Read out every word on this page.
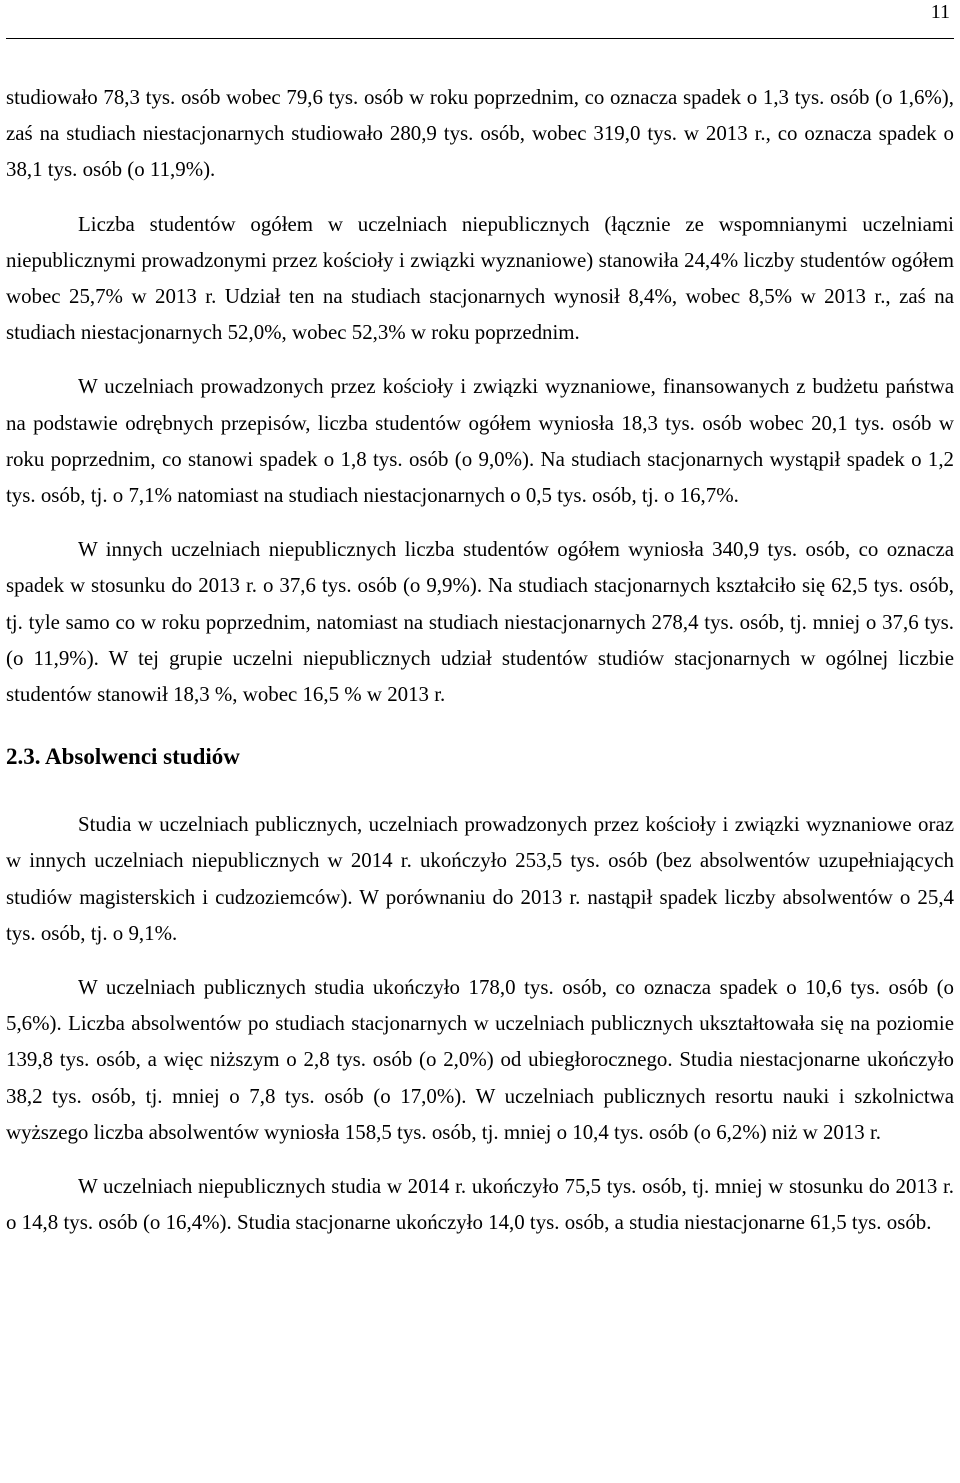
11

studiowało 78,3 tys. osób wobec 79,6 tys. osób w roku poprzednim, co oznacza spadek o 1,3 tys. osób (o 1,6%), zaś na studiach niestacjonarnych studiowało 280,9 tys. osób, wobec 319,0 tys. w 2013 r., co oznacza spadek o 38,1 tys. osób (o 11,9%).

Liczba studentów ogółem w uczelniach niepublicznych (łącznie ze wspomnianymi uczelniami niepublicznymi prowadzonymi przez kościoły i związki wyznaniowe) stanowiła 24,4% liczby studentów ogółem wobec 25,7% w 2013 r. Udział ten na studiach stacjonarnych wynosił 8,4%, wobec 8,5% w 2013 r., zaś na studiach niestacjonarnych 52,0%, wobec 52,3% w roku poprzednim.

W uczelniach prowadzonych przez kościoły i związki wyznaniowe, finansowanych z budżetu państwa na podstawie odrębnych przepisów, liczba studentów ogółem wyniosła 18,3 tys. osób wobec 20,1 tys. osób w roku poprzednim, co stanowi spadek o 1,8 tys. osób (o 9,0%). Na studiach stacjonarnych wystąpił spadek o 1,2 tys. osób, tj. o 7,1% natomiast na studiach niestacjonarnych o 0,5 tys. osób, tj. o 16,7%.

W innych uczelniach niepublicznych liczba studentów ogółem wyniosła 340,9 tys. osób, co oznacza spadek w stosunku do 2013 r. o 37,6 tys. osób (o 9,9%). Na studiach stacjonarnych kształciło się 62,5 tys. osób, tj. tyle samo co w roku poprzednim, natomiast na studiach niestacjonarnych 278,4 tys. osób, tj. mniej o 37,6 tys. (o 11,9%). W tej grupie uczelni niepublicznych udział studentów studiów stacjonarnych w ogólnej liczbie studentów stanowił 18,3 %, wobec 16,5 % w 2013 r.

2.3. Absolwenci studiów

Studia w uczelniach publicznych, uczelniach prowadzonych przez kościoły i związki wyznaniowe oraz w innych uczelniach niepublicznych w 2014 r. ukończyło 253,5 tys. osób (bez absolwentów uzupełniających studiów magisterskich i cudzoziemców). W porównaniu do 2013 r. nastąpił spadek liczby absolwentów o 25,4 tys. osób, tj. o 9,1%.

W uczelniach publicznych studia ukończyło 178,0 tys. osób, co oznacza spadek o 10,6 tys. osób (o 5,6%). Liczba absolwentów po studiach stacjonarnych w uczelniach publicznych ukształtowała się na poziomie 139,8 tys. osób, a więc niższym o 2,8 tys. osób (o 2,0%) od ubiegłorocznego. Studia niestacjonarne ukończyło 38,2 tys. osób, tj. mniej o 7,8 tys. osób (o 17,0%). W uczelniach publicznych resortu nauki i szkolnictwa wyższego liczba absolwentów wyniosła 158,5 tys. osób, tj. mniej o 10,4 tys. osób (o 6,2%) niż w 2013 r.

W uczelniach niepublicznych studia w 2014 r. ukończyło 75,5 tys. osób, tj. mniej w stosunku do 2013 r. o 14,8 tys. osób (o 16,4%). Studia stacjonarne ukończyło 14,0 tys. osób, a studia niestacjonarne 61,5 tys. osób.
